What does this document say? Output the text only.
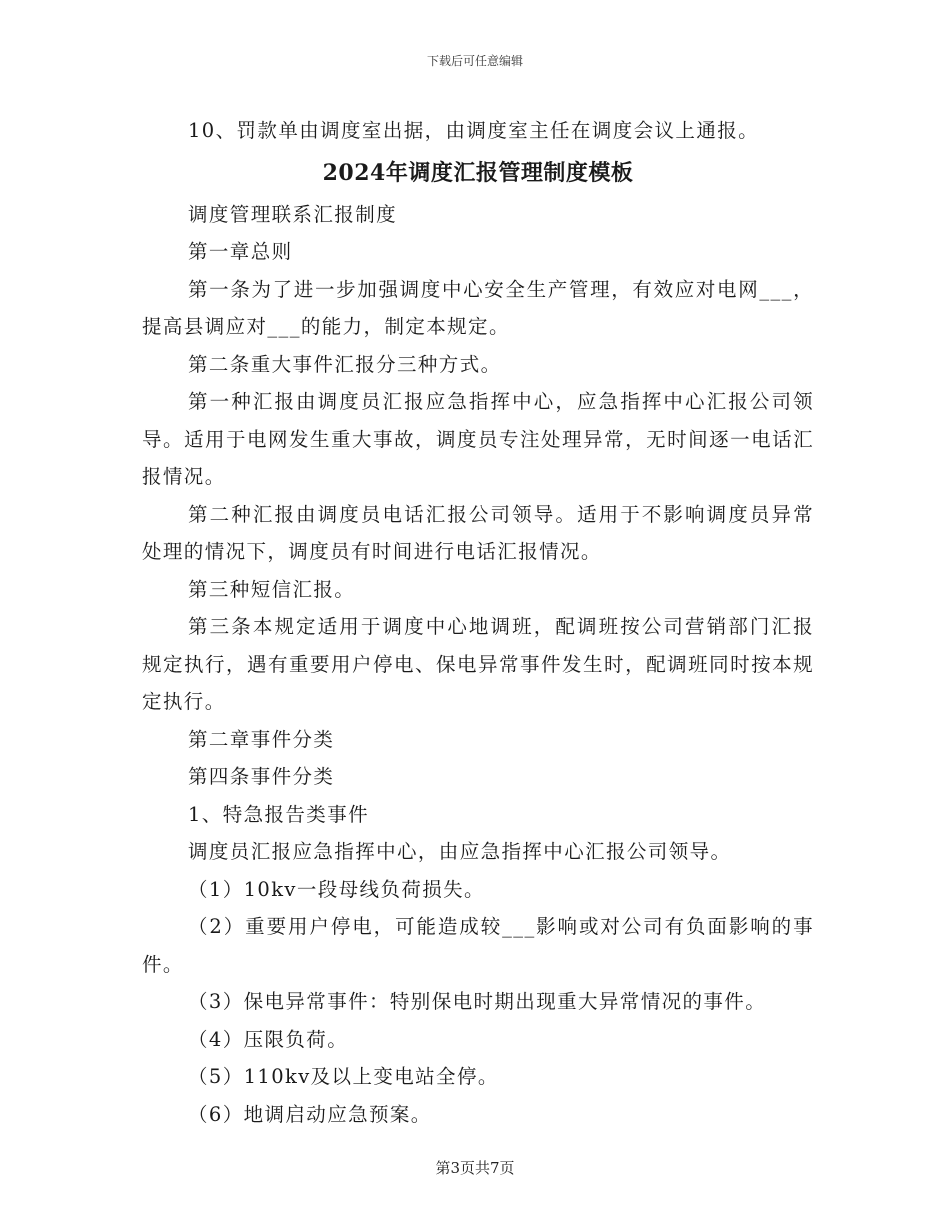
下载后可任意编辑

10、罚款单由调度室出据，由调度室主任在调度会议上通报。

2024年调度汇报管理制度模板

调度管理联系汇报制度

第一章总则

第一条为了进一步加强调度中心安全生产管理，有效应对电网___，提高县调应对___的能力，制定本规定。

第二条重大事件汇报分三种方式。

第一种汇报由调度员汇报应急指挥中心，应急指挥中心汇报公司领导。适用于电网发生重大事故，调度员专注处理异常，无时间逐一电话汇报情况。

第二种汇报由调度员电话汇报公司领导。适用于不影响调度员异常处理的情况下，调度员有时间进行电话汇报情况。

第三种短信汇报。

第三条本规定适用于调度中心地调班，配调班按公司营销部门汇报规定执行，遇有重要用户停电、保电异常事件发生时，配调班同时按本规定执行。

第二章事件分类

第四条事件分类

1、特急报告类事件

调度员汇报应急指挥中心，由应急指挥中心汇报公司领导。

（1）10kv一段母线负荷损失。

（2）重要用户停电，可能造成较___影响或对公司有负面影响的事件。

（3）保电异常事件：特别保电时期出现重大异常情况的事件。

（4）压限负荷。

（5）110kv及以上变电站全停。

（6）地调启动应急预案。

第3页共7页
